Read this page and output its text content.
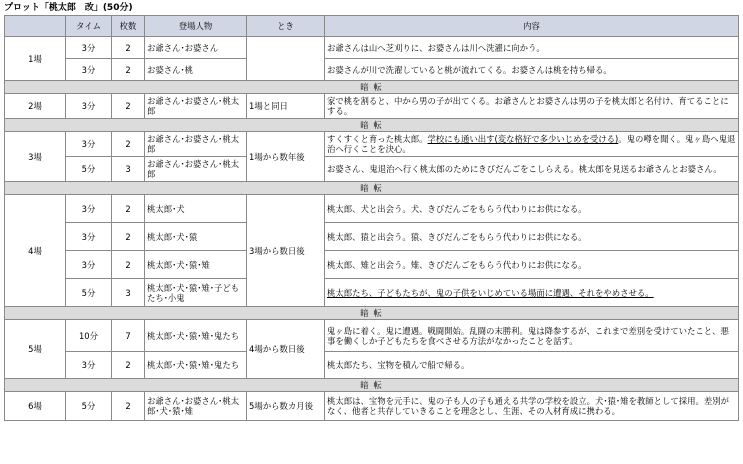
プロット「桃太郎　改」(50分)
	タイム	枚数	登場人物	とき	内容
1場	3分	2	お爺さん･お婆さん		お爺さんは山へ芝刈りに、お婆さんは川へ洗濯に向かう。
	3分	2	お婆さん･桃		お婆さんが川で洗濯していると桃が流れてくる。お婆さんは桃を持ち帰る。
暗 転					
2場	3分	2	お爺さん･お婆さん･桃太郎	1場と同日	家で桃を割ると、中から男の子が出てくる。お爺さんとお婆さんは男の子を桃太郎と名付け、育てることにする。
暗 転					
3場	3分	2	お爺さん･お婆さん･桃太郎	1場から数年後	すくすくと育った桃太郎。学校にも通い出す(変な格好で多少いじめを受ける)。鬼の噂を聞く。鬼ヶ島へ鬼退治へ行くことを決心。
	5分	3	お爺さん･お婆さん･桃太郎		お婆さん、鬼退治へ行く桃太郎のためにきびだんごをこしらえる。桃太郎を見送るお爺さんとお婆さん。
暗 転					
4場	3分	2	桃太郎･犬	3場から数日後	桃太郎、犬と出会う。犬、きびだんごをもらう代わりにお供になる。
	3分	2	桃太郎･犬･猿		桃太郎、猿と出会う。猿、きびだんごをもらう代わりにお供になる。
	3分	2	桃太郎･犬･猿･雉		桃太郎、雉と出会う。雉、きびだんごをもらう代わりにお供になる。
	5分	3	桃太郎･犬･猿･雉･子どもたち･小鬼		桃太郎たち、子どもたちが、鬼の子供をいじめている場面に遭遇、それをやめさせる。
暗 転					
5場	10分	7	桃太郎･犬･猿･雉･鬼たち	4場から数日後	鬼ヶ島に着く。鬼に遭遇。戦闘開始。乱闘の末勝利。鬼は降参するが、これまで差別を受けていたこと、悪事を働くしか子どもたちを食べさせる方法がなかったことを話す。
	3分	2	桃太郎･犬･猿･雉･鬼たち		桃太郎たち、宝物を積んで船で帰る。
暗 転					
6場	5分	2	お爺さん･お婆さん･桃太郎･犬･猿･雉	5場から数カ月後	桃太郎は、宝物を元手に、鬼の子も人の子も通える共学の学校を設立。犬･猿･雉を教師として採用。差別がなく、他者と共存していきることを理念とし、生涯、その人材育成に携わる。
